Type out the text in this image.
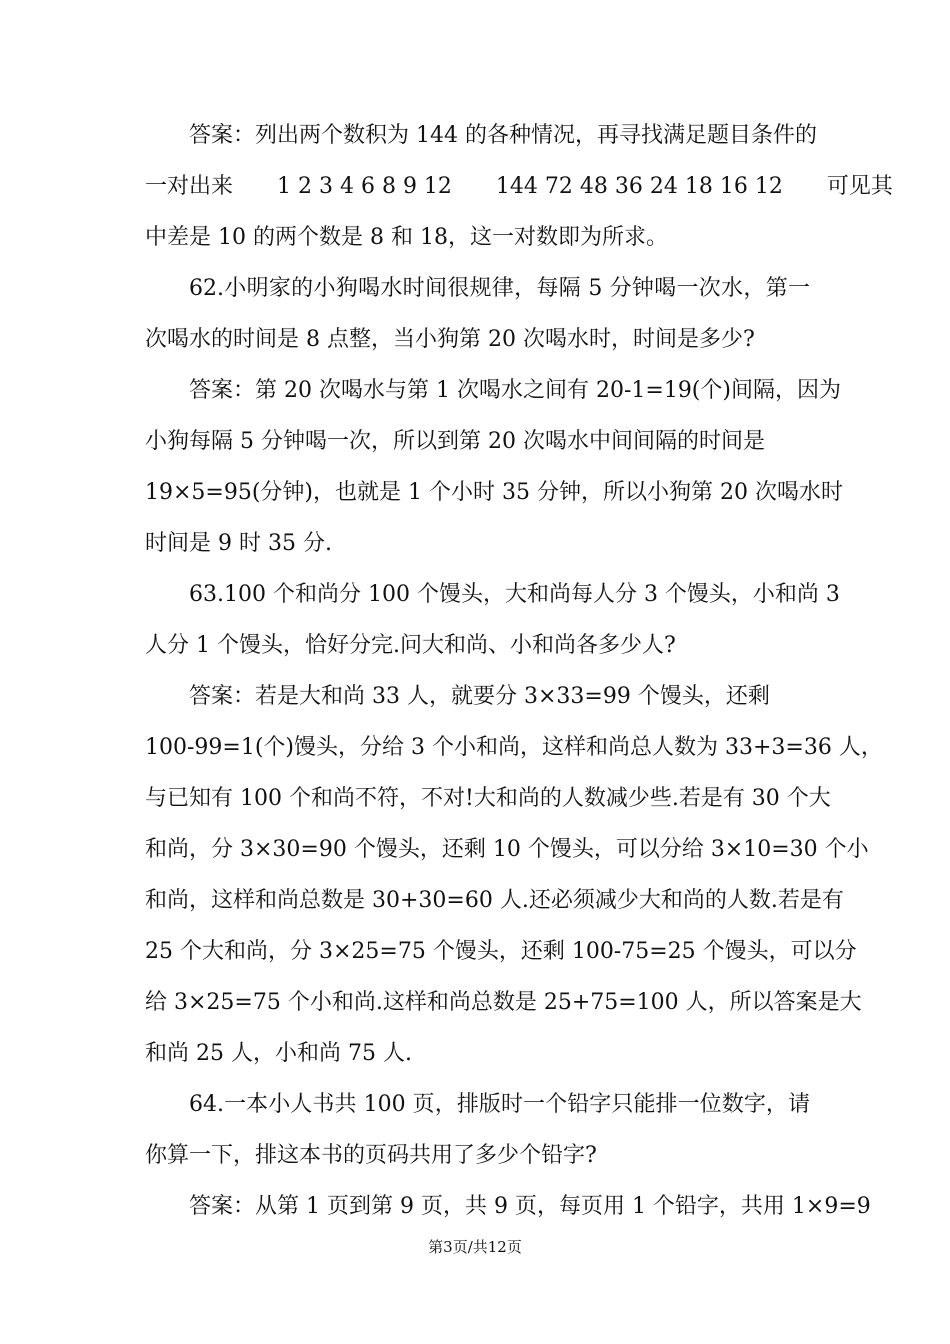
答案：列出两个数积为 144 的各种情况，再寻找满足题目条件的
一对出来　　1 2 3 4 6 8 9 12　　144 72 48 36 24 18 16 12　　可见其
中差是 10 的两个数是 8 和 18，这一对数即为所求。
62.小明家的小狗喝水时间很规律，每隔 5 分钟喝一次水，第一
次喝水的时间是 8 点整，当小狗第 20 次喝水时，时间是多少?
答案：第 20 次喝水与第 1 次喝水之间有 20-1=19(个)间隔，因为
小狗每隔 5 分钟喝一次，所以到第 20 次喝水中间间隔的时间是
19×5=95(分钟)，也就是 1 个小时 35 分钟，所以小狗第 20 次喝水时
时间是 9 时 35 分.
63.100 个和尚分 100 个馒头，大和尚每人分 3 个馒头，小和尚 3
人分 1 个馒头，恰好分完.问大和尚、小和尚各多少人?
答案：若是大和尚 33 人，就要分 3×33=99 个馒头，还剩
100-99=1(个)馒头，分给 3 个小和尚，这样和尚总人数为 33+3=36 人，
与已知有 100 个和尚不符，不对!大和尚的人数减少些.若是有 30 个大
和尚，分 3×30=90 个馒头，还剩 10 个馒头，可以分给 3×10=30 个小
和尚，这样和尚总数是 30+30=60 人.还必须减少大和尚的人数.若是有
25 个大和尚，分 3×25=75 个馒头，还剩 100-75=25 个馒头，可以分
给 3×25=75 个小和尚.这样和尚总数是 25+75=100 人，所以答案是大
和尚 25 人，小和尚 75 人.
64.一本小人书共 100 页，排版时一个铅字只能排一位数字，请
你算一下，排这本书的页码共用了多少个铅字?
答案：从第 1 页到第 9 页，共 9 页，每页用 1 个铅字，共用 1×9=9
第3页/共12页
